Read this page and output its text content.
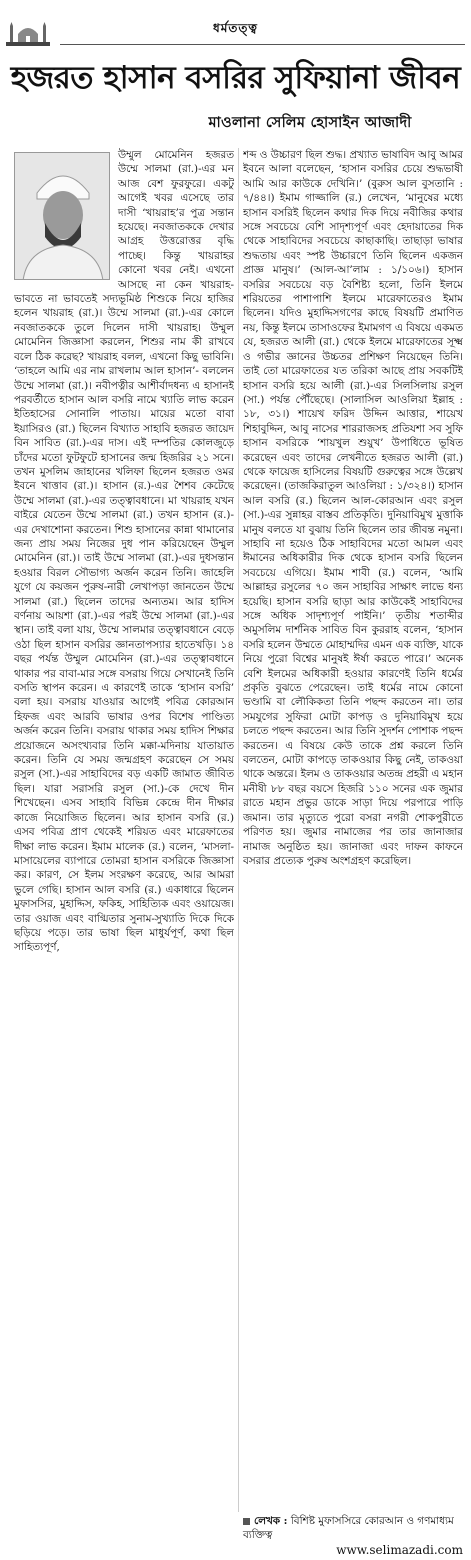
ধর্মতত্ত্ব
হজরত হাসান বসরির সুফিয়ানা জীবন
মাওলানা সেলিম হোসাইন আজাদী

উম্মুল মোমেনিন হজরত উম্মে সালমা (রা.)-এর মন আজ বেশ ফুরফুরে। একটু আগেই খবর এসেছে তার দাসী ‘খায়রাহ’র পুত্র সন্তান হয়েছে। নবজাতককে দেখার আগ্রহ উত্তরোত্তর বৃদ্ধি পাচ্ছে। কিন্তু খায়রাহর কোনো খবর নেই। এখনো আসছে না কেন খায়রাহ- ভাবতে না ভাবতেই সদ্যভূমিষ্ঠ শিশুকে নিয়ে হাজির হলেন খায়রাহ (রা.)। উম্মে সালমা (রা.)-এর কোলে নবজাতককে তুলে দিলেন দাসী খায়রাহ। উম্মুল মোমেনিন জিজ্ঞাসা করলেন, শিশুর নাম কী রাখবে বলে ঠিক করেছ? খায়রাহ বলল, এখনো কিছু ভাবিনি। ‘তাহলে আমি এর নাম রাখলাম আল হাসান’- বললেন উম্মে সালমা (রা.)। নবীপত্নীর আশীর্বাদধন্য এ হাসানই পরবর্তীতে হাসান আল বসরি নামে খ্যাতি লাভ করেন ইতিহাসের সোনালি পাতায়। মায়ের মতো বাবা ইয়াসিরও (রা.) ছিলেন বিখ্যাত সাহাবি হজরত জায়েদ বিন সাবিত (রা.)-এর দাস। এই দম্পতির কোলজুড়ে চাঁদের মতো ফুটফুটে হাসানের জন্ম হিজরির ২১ সনে। তখন মুসলিম জাহানের খলিফা ছিলেন হজরত ওমর ইবনে খাত্তাব (রা.)। হাসান (র.)-এর শৈশব কেটেছে উম্মে সালমা (রা.)-এর তত্ত্বাবধানে। মা খায়রাহ যখন বাইরে যেতেন উম্মে সালমা (রা.) তখন হাসান (র.)-এর দেখাশোনা করতেন। শিশু হাসানের কান্না থামানোর জন্য প্রায় সময় নিজের দুধ পান করিয়েছেন উম্মুল মোমেনিন (রা.)। তাই উম্মে সালমা (রা.)-এর দুধসন্তান হওয়ার বিরল সৌভাগ্য অর্জন করেন তিনি। জাহেলি যুগে যে কয়জন পুরুষ-নারী লেখাপড়া জানতেন উম্মে সালমা (রা.) ছিলেন তাদের অন্যতম। আর হাদিস বর্ণনায় আয়শা (রা.)-এর পরই উম্মে সালমা (রা.)-এর স্থান। তাই বলা যায়, উম্মে সালমার তত্ত্বাবধানে বেড়ে ওঠা ছিল হাসান বসরির জ্ঞানতাপস্যার হাতেখড়ি। ১৪ বছর পর্যন্ত উম্মুল মোমেনিন (রা.)-এর তত্ত্বাবধানে থাকার পর বাবা-মার সঙ্গে বসরায় গিয়ে সেখানেই তিনি বসতি স্থাপন করেন। এ কারণেই তাকে ‘হাসান বসরি’ বলা হয়। বসরায় যাওয়ার আগেই পবিত্র কোরআন হিফজ এবং আরবি ভাষার ওপর বিশেষ পাণ্ডিত্য অর্জন করেন তিনি। বসরায় থাকার সময় হাদিস শিক্ষার প্রয়োজনে অসংখ্যবার তিনি মক্কা-মদিনায় যাতায়াত করেন। তিনি যে সময় জন্মগ্রহণ করেছেন সে সময় রসুল (সা.)-এর সাহাবিদের বড় একটি জামাত জীবিত ছিল। যারা সরাসরি রসুল (সা.)-কে দেখে দীন শিখেছেন। এসব সাহাবি বিভিন্ন কেন্দ্রে দীন দীক্ষার কাজে নিয়োজিত ছিলেন। আর হাসান বসরি (র.) এসব পবিত্র প্রাণ থেকেই শরিয়ত এবং মারেফাতের দীক্ষা লাভ করেন। ইমাম মালেক (র.) বলেন, ‘মাসলা-মাসায়েলের ব্যাপারে তোমরা হাসান বসরিকে জিজ্ঞাসা কর। কারণ, সে ইলম সংরক্ষণ করেছে, আর আমরা ভুলে গেছি। হাসান আল বসরি (র.) একাধারে ছিলেন মুফাসসির, মুহাদ্দিস, ফকিহ, সাহিত্যিক এবং ওয়ায়েজ। তার ওয়াজ এবং বাগ্মিতার সুনাম-সুখ্যাতি দিকে দিকে ছড়িয়ে পড়ে। তার ভাষা ছিল মাধুর্যপূর্ণ, কথা ছিল সাহিত্যপূর্ণ,

শব্দ ও উচ্চারণ ছিল শুদ্ধ। প্রখ্যাত ভাষাবিদ আবু আমর ইবনে আলা বলেছেন, ‘হাসান বসরির চেয়ে শুদ্ধভাষী আমি আর কাউকে দেখিনি।’ (বুরুস আল বুসতানি : ৭/৪৪।) ইমাম গাজ্জালি (র.) লেখেন, ‘মানুষের মধ্যে হাসান বসরিই ছিলেন কথার দিক দিয়ে নবীজির কথার সঙ্গে সবচেয়ে বেশি সাদৃশ্যপূর্ণ এবং হেদায়াতের দিক থেকে সাহাবিদের সবচেয়ে কাছাকাছি। তাছাড়া ভাষার শুদ্ধতায় এবং স্পষ্ট উচ্চারণে তিনি ছিলেন একজন প্রাজ্ঞ মানুষ।’ (আল-আ’লাম : ১/১০৬।) হাসান বসরির সবচেয়ে বড় বৈশিষ্ট্য হলো, তিনি ইলমে শরিয়তের পাশাপাশি ইলমে মারেফাতেরও ইমাম ছিলেন। যদিও মুহাদ্দিসগণের কাছে বিষয়টি প্রমাণিত নয়, কিন্তু ইলমে তাসাওফের ইমামগণ এ বিষয়ে একমত যে, হজরত আলী (রা.) থেকে ইলমে মারেফাতের সূক্ষ্ম ও গভীর জ্ঞানের উচ্চতর প্রশিক্ষণ নিয়েছেন তিনি। তাই তো মারেফাতের যত তরিকা আছে প্রায় সবকটিই হাসান বসরি হয়ে আলী (রা.)-এর সিলসিলায় রসুল (সা.) পর্যন্ত পৌঁছেছে। (সালাসিল আওলিয়া ইল্লাহ : ১৮, ৩১।) শায়েখ ফরিদ উদ্দিন আত্তার, শায়েখ শিহাবুদ্দিন, আবু নাসের শাররাজসহ প্রতিযশা সব সুফি হাসান বসরিকে ‘শায়খুল শুয়ুখ’ উপাধিতে ভূষিত করেছেন এবং তাদের লেখনীতে হজরত আলী (রা.) থেকে ফায়েজ হাসিলের বিষয়টি গুরুত্বের সঙ্গে উল্লেখ করেছেন। (তাজকিরাতুল আওলিয়া : ১/৩২৪।) হাসান আল বসরি (র.) ছিলেন আল-কোরআন এবং রসুল (সা.)-এর সুন্নাহর বাস্তব প্রতিকৃতি। দুনিয়াবিমুখ মুত্তাকি মানুষ বলতে যা বুঝায় তিনি ছিলেন তার জীবন্ত নমুনা। সাহাবি না হয়েও ঠিক সাহাবিদের মতো আমল এবং ঈমানের অধিকারীর দিক থেকে হাসান বসরি ছিলেন সবচেয়ে এগিয়ে। ইমাম শাবী (র.) বলেন, ‘আমি আল্লাহর রসুলের ৭০ জন সাহাবির সাক্ষাৎ লাভে ধন্য হয়েছি। হাসান বসরি ছাড়া আর কাউকেই সাহাবিদের সঙ্গে অধিক সাদৃশ্যপূর্ণ পাইনি।’ তৃতীয় শতাব্দীর অমুসলিম দার্শনিক সাবিত বিন কুররাহ বলেন, ‘হাসান বসরি হলেন উম্মতে মোহাম্মদির এমন এক ব্যক্তি, যাকে নিয়ে পুরো বিশ্বের মানুষই ঈর্ষা করতে পারে।’ অনেক বেশি ইলমের অধিকারী হওয়ার কারণেই তিনি ধর্মের প্রকৃতি বুঝতে পেরেছেন। তাই ধর্মের নামে কোনো ভণ্ডামি বা লৌকিকতা তিনি পছন্দ করতেন না। তার সমযুগের সুফিরা মোটা কাপড় ও দুনিয়াবিমুখ হয়ে চলতে পছন্দ করতেন। আর তিনি সুদর্শন পোশাক পছন্দ করতেন। এ বিষয়ে কেউ তাকে প্রশ্ন করলে তিনি বলতেন, মোটা কাপড়ে তাকওয়ার কিছু নেই, তাকওয়া থাকে অন্তরে। ইলম ও তাকওয়ার অতন্দ্র প্রহরী এ মহান মনীষী ৮৮ বছর বয়সে হিজরি ১১০ সনের এক জুমার রাতে মহান প্রভুর ডাকে সাড়া দিয়ে পরপারে পাড়ি জমান। তার মৃত্যুতে পুরো বসরা নগরী শোকপুরীতে পরিণত হয়। জুমার নামাজের পর তার জানাজার নামাজ অনুষ্ঠিত হয়। জানাজা এবং দাফন কাফনে বসরার প্রত্যেক পুরুষ অংশগ্রহণ করেছিল।

লেখক : বিশিষ্ট মুফাসসিরে কোরআন ও গণমাধ্যম ব্যক্তিত্ব
www.selimazadi.com
